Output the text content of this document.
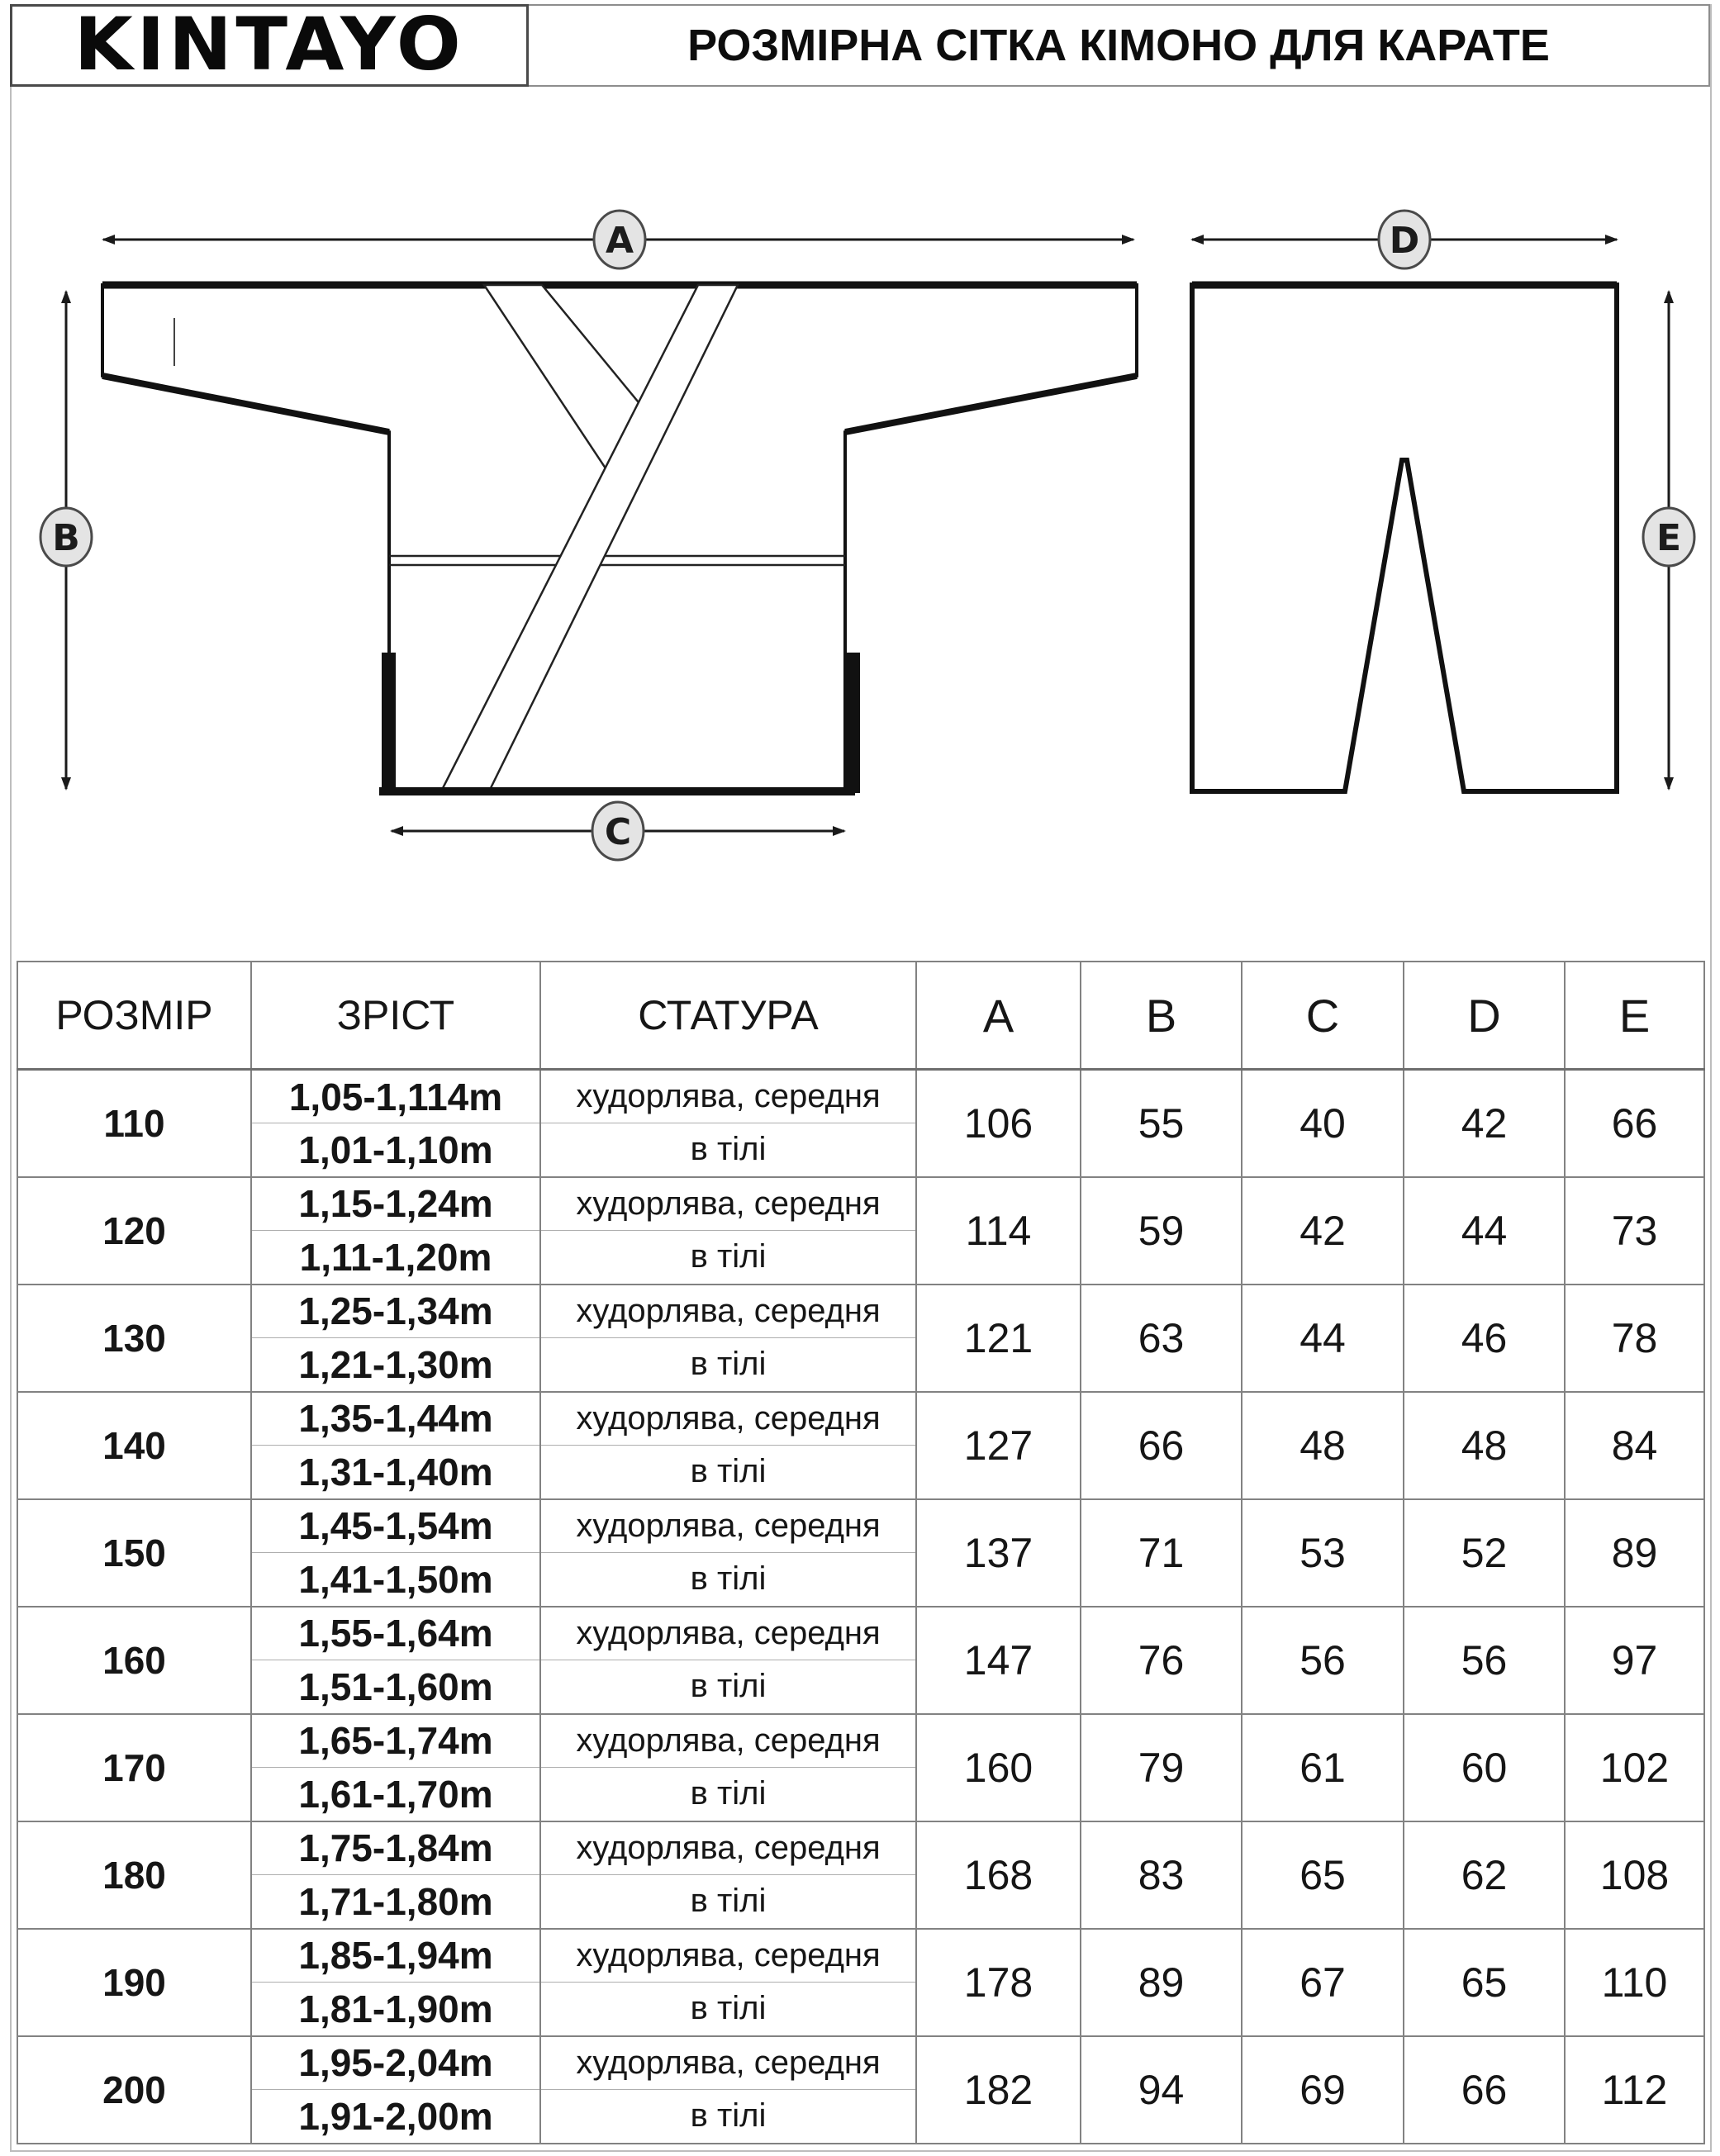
KINTAYO	РОЗМІРНА СІТКА КІМОНО ДЛЯ КАРАТЕ
A	D
B
C
E
РОЗМІР	ЗРІСТ	СТАТУРА	A	B	C	D	E
110	1,05-1,114m	худорлява, середня	106	55	40	42	66
	1,01-1,10m	в тілі					
120	1,15-1,24m	худорлява, середня	114	59	42	44	73
	1,11-1,20m	в тілі					
130	1,25-1,34m	худорлява, середня	121	63	44	46	78
	1,21-1,30m	в тілі					
140	1,35-1,44m	худорлява, середня	127	66	48	48	84
	1,31-1,40m	в тілі					
150	1,45-1,54m	худорлява, середня	137	71	53	52	89
	1,41-1,50m	в тілі					
160	1,55-1,64m	худорлява, середня	147	76	56	56	97
	1,51-1,60m	в тілі					
170	1,65-1,74m	худорлява, середня	160	79	61	60	102
	1,61-1,70m	в тілі					
180	1,75-1,84m	худорлява, середня	168	83	65	62	108
	1,71-1,80m	в тілі					
190	1,85-1,94m	худорлява, середня	178	89	67	65	110
	1,81-1,90m	в тілі					
200	1,95-2,04m	худорлява, середня	182	94	69	66	112
	1,91-2,00m	в тілі					
